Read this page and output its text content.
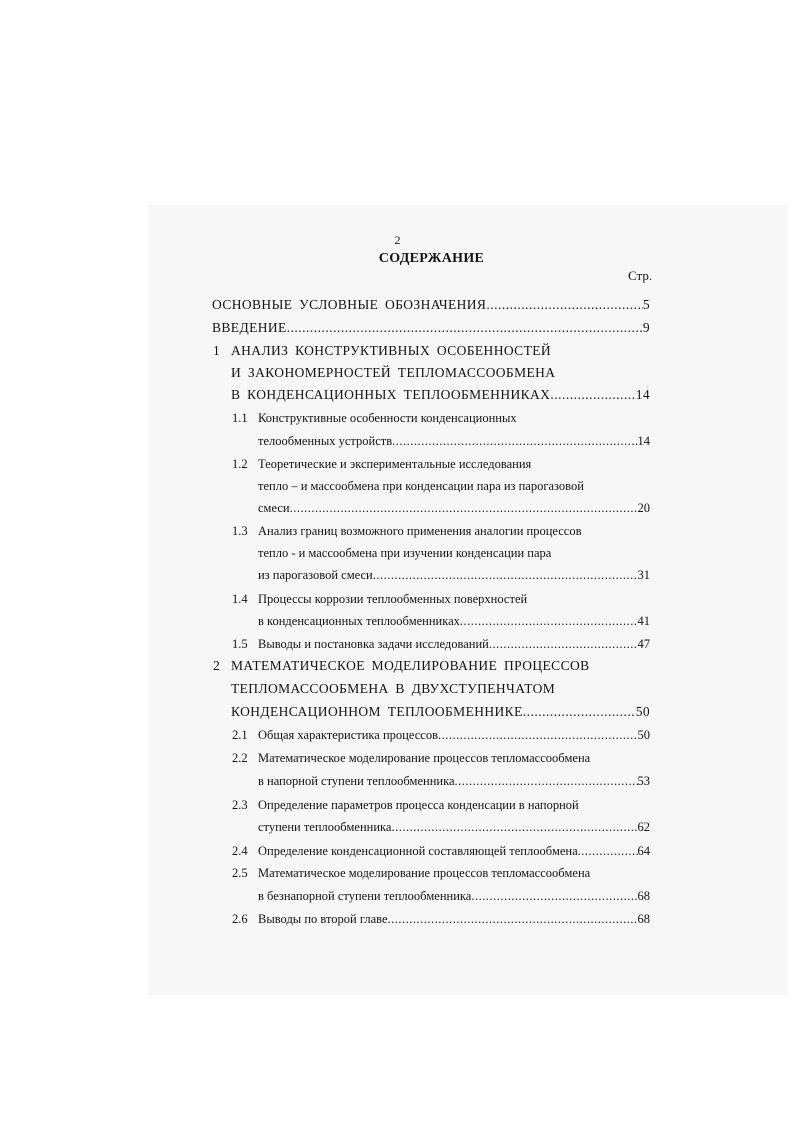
2
СОДЕРЖАНИЕ
Стр.
ОСНОВНЫЕ УСЛОВНЫЕ ОБОЗНАЧЕНИЯ .....	5
ВВЕДЕНИЕ .....	9
1 АНАЛИЗ КОНСТРУКТИВНЫХ ОСОБЕННОСТЕЙ
И ЗАКОНОМЕРНОСТЕЙ ТЕПЛОМАССООБМЕНА
В КОНДЕНСАЦИОННЫХ ТЕПЛООБМЕННИКАХ .....	14
1.1 Конструктивные особенности конденсационных
телообменных устройств .....	14
1.2 Теоретические и экспериментальные исследования
тепло – и массообмена при конденсации пара из парогазовой
смеси .....	20
1.3 Анализ границ возможного применения аналогии процессов
тепло - и массообмена при изучении конденсации пара
из парогазовой смеси .....	31
1.4 Процессы коррозии теплообменных поверхностей
в конденсационных теплообменниках .....	41
1.5 Выводы и постановка задачи исследований .....	47
2 МАТЕМАТИЧЕСКОЕ МОДЕЛИРОВАНИЕ ПРОЦЕССОВ
ТЕПЛОМАССООБМЕНА В ДВУХСТУПЕНЧАТОМ
КОНДЕНСАЦИОННОМ ТЕПЛООБМЕННИКЕ .....	50
2.1 Общая характеристика процессов .....	50
2.2 Математическое моделирование процессов тепломассообмена
в напорной ступени теплообменника .....	53
2.3 Определение параметров процесса конденсации в напорной
ступени теплообменника .....	62
2.4 Определение конденсационной составляющей теплообмена .....	64
2.5 Математическое моделирование процессов тепломассообмена
в безнапорной ступени теплообменника .....	68
2.6 Выводы по второй главе .....	68
